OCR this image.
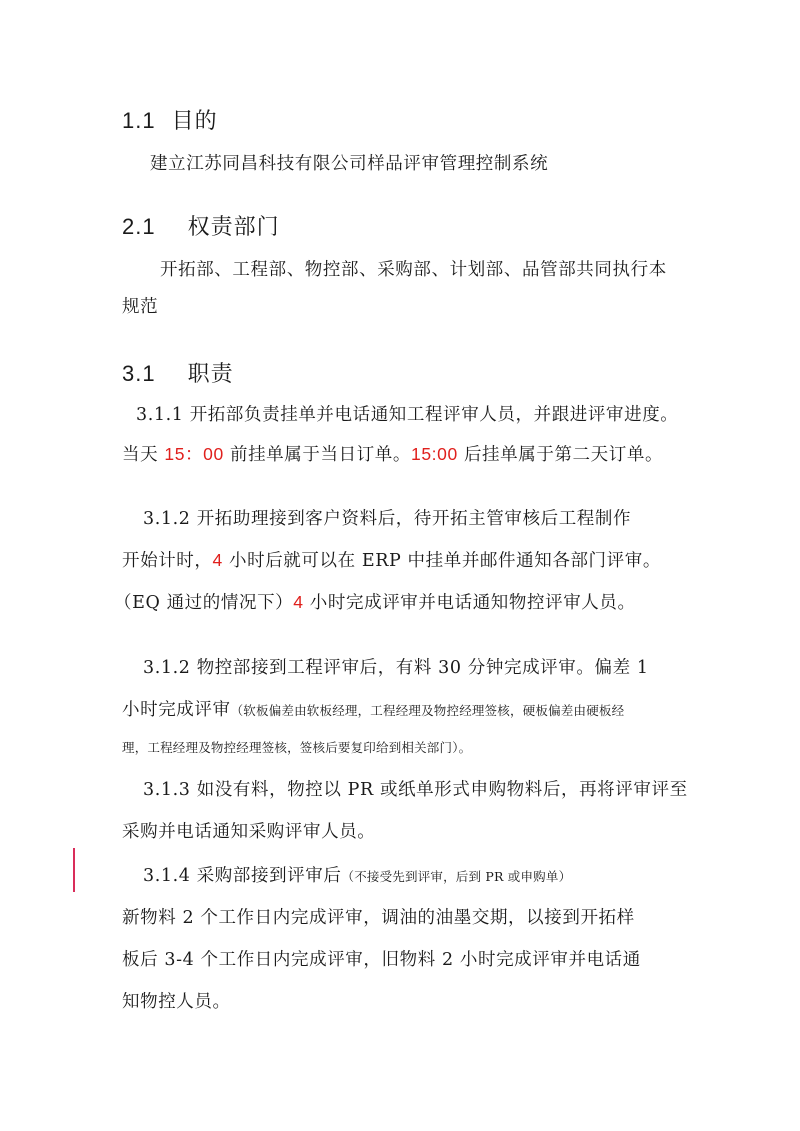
1.1 目的
建立江苏同昌科技有限公司样品评审管理控制系统
2.1 权责部门
开拓部、工程部、物控部、采购部、计划部、品管部共同执行本
规范
3.1 职责
3.1.1 开拓部负责挂单并电话通知工程评审人员，并跟进评审进度。
当天 15：00 前挂单属于当日订单。15:00 后挂单属于第二天订单。
3.1.2 开拓助理接到客户资料后，待开拓主管审核后工程制作
开始计时，4 小时后就可以在 ERP 中挂单并邮件通知各部门评审。
（EQ 通过的情况下）4 小时完成评审并电话通知物控评审人员。
3.1.2 物控部接到工程评审后，有料 30 分钟完成评审。偏差 1
小时完成评审（软板偏差由软板经理，工程经理及物控经理签核，硬板偏差由硬板经
理，工程经理及物控经理签核，签核后要复印给到相关部门）。
3.1.3 如没有料，物控以 PR 或纸单形式申购物料后，再将评审评至
采购并电话通知采购评审人员。
3.1.4 采购部接到评审后（不接受先到评审，后到 PR 或申购单）
新物料 2 个工作日内完成评审，调油的油墨交期，以接到开拓样
板后 3-4 个工作日内完成评审，旧物料 2 小时完成评审并电话通
知物控人员。
